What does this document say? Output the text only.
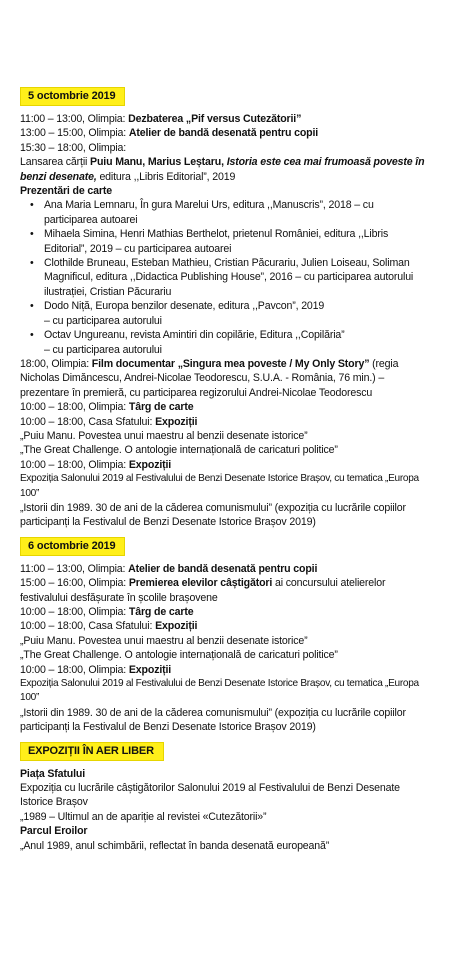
5 octombrie 2019

11:00 – 13:00, Olimpia: Dezbaterea „Pif versus Cutezătorii”

13:00 – 15:00, Olimpia: Atelier de bandă desenată pentru copii

15:30 – 18:00, Olimpia:

Lansarea cărții Puiu Manu, Marius Leștaru, Istoria este cea mai frumoasă poveste în

benzi desenate, editura ,,Libris Editorial”, 2019

Prezentări de carte

• Ana Maria Lemnaru, În gura Marelui Urs, editura ,,Manuscris”, 2018 – cu
participarea autoarei
• Mihaela Simina, Henri Mathias Berthelot, prietenul României, editura ,,Libris
Editorial”, 2019 – cu participarea autoarei
• Clothilde Bruneau, Esteban Mathieu, Cristian Păcurariu, Julien Loiseau, Soliman
Magnificul, editura ,,Didactica Publishing House”, 2016 – cu participarea autorului
ilustrației, Cristian Păcurariu
• Dodo Niță, Europa benzilor desenate, editura ,,Pavcon”, 2019
– cu participarea autorului
• Octav Ungureanu, revista Amintiri din copilărie, Editura ,,Copilăria”
– cu participarea autorului

18:00, Olimpia: Film documentar „Singura mea poveste / My Only Story” (regia

Nicholas Dimăncescu, Andrei-Nicolae Teodorescu, S.U.A. - România, 76 min.) –

prezentare în premieră, cu participarea regizorului Andrei-Nicolae Teodorescu

10:00 – 18:00, Olimpia: Târg de carte

10:00 – 18:00, Casa Sfatului: Expoziții

„Puiu Manu. Povestea unui maestru al benzii desenate istorice”

„The Great Challenge. O antologie internațională de caricaturi politice”

10:00 – 18:00, Olimpia: Expoziții

Expoziția Salonului 2019 al Festivalului de Benzi Desenate Istorice Brașov, cu tematica „Europa 100”

„Istorii din 1989. 30 de ani de la căderea comunismului” (expoziția cu lucrările copiilor

participanți la Festivalul de Benzi Desenate Istorice Brașov 2019)

6 octombrie 2019

11:00 – 13:00, Olimpia: Atelier de bandă desenată pentru copii

15:00 – 16:00, Olimpia: Premierea elevilor câștigători ai concursului atelierelor

festivalului desfășurate în școlile brașovene

10:00 – 18:00, Olimpia: Târg de carte

10:00 – 18:00, Casa Sfatului: Expoziții

„Puiu Manu. Povestea unui maestru al benzii desenate istorice”

„The Great Challenge. O antologie internațională de caricaturi politice”

10:00 – 18:00, Olimpia: Expoziții

Expoziția Salonului 2019 al Festivalului de Benzi Desenate Istorice Brașov, cu tematica „Europa 100”

„Istorii din 1989. 30 de ani de la căderea comunismului” (expoziția cu lucrările copiilor

participanți la Festivalul de Benzi Desenate Istorice Brașov 2019)

EXPOZIȚII ÎN AER LIBER

Piața Sfatului

Expoziția cu lucrările câștigătorilor Salonului 2019 al Festivalului de Benzi Desenate

Istorice Brașov

„1989 – Ultimul an de apariție al revistei «Cutezătorii»”

Parcul Eroilor

„Anul 1989, anul schimbării, reflectat în banda desenată europeană”
